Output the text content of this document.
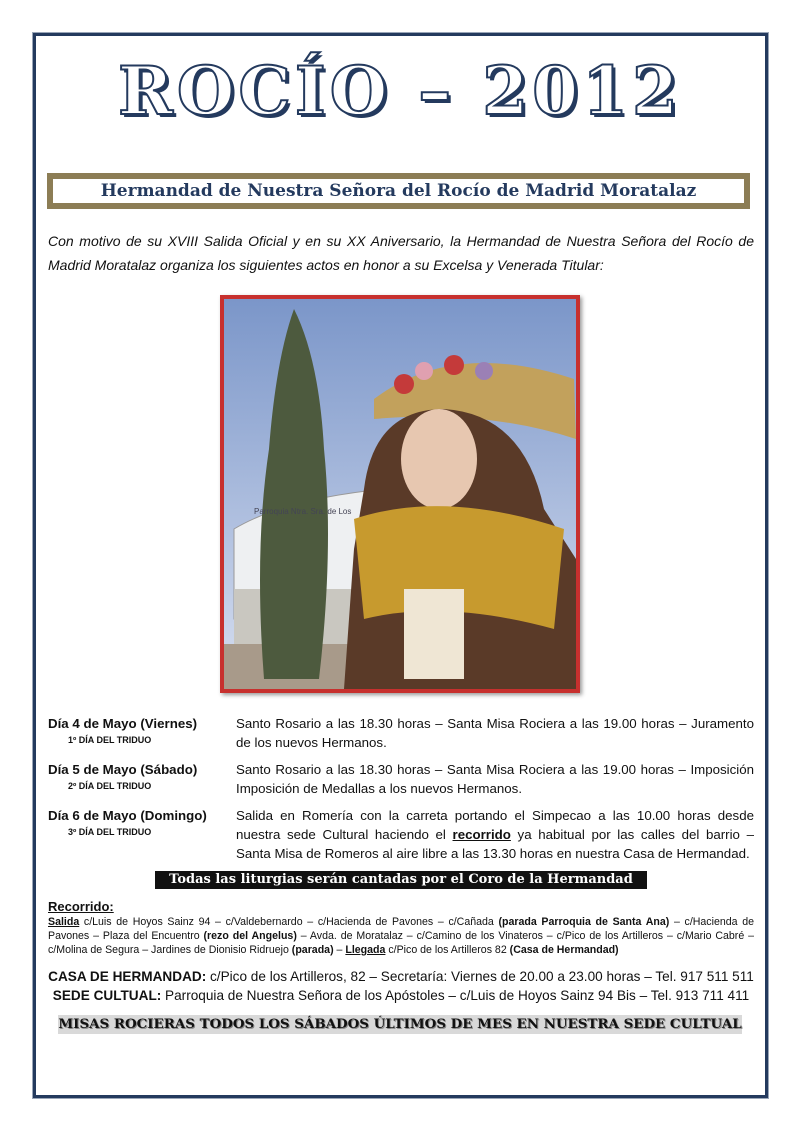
ROCÍO – 2012
Hermandad de Nuestra Señora del Rocío de Madrid Moratalaz
Con motivo de su XVIII Salida Oficial y en su XX Aniversario, la Hermandad de Nuestra Señora del Rocío de Madrid Moratalaz organiza los siguientes actos en honor a su Excelsa y Venerada Titular:
Parroquia Ntra. Sra. de Los
Día 4 de Mayo (Viernes)
1º DÍA DEL TRIDUO
Santo Rosario a las 18.30 horas – Santa Misa Rociera a las 19.00 horas – Juramento de los nuevos Hermanos.
Día 5 de Mayo (Sábado)
2º DÍA DEL TRIDUO
Santo Rosario a las 18.30 horas – Santa Misa Rociera a las 19.00 horas – Imposición Imposición de Medallas a los nuevos Hermanos.
Día 6 de Mayo (Domingo)
3º DÍA DEL TRIDUO
Salida en Romería con la carreta portando el Simpecao a las 10.00 horas desde nuestra sede Cultural haciendo el recorrido ya habitual por las calles del barrio – Santa Misa de Romeros al aire libre a las 13.30 horas en nuestra Casa de Hermandad.
Todas las liturgias serán cantadas por el Coro de la Hermandad
Recorrido:
Salida c/Luis de Hoyos Sainz 94 – c/Valdebernardo – c/Hacienda de Pavones – c/Cañada (parada Parroquia de Santa Ana) – c/Hacienda de Pavones – Plaza del Encuentro (rezo del Angelus) – Avda. de Moratalaz – c/Camino de los Vinateros – c/Pico de los Artilleros – c/Mario Cabré – c/Molina de Segura – Jardines de Dionisio Ridruejo (parada) – Llegada c/Pico de los Artilleros 82 (Casa de Hermandad)
CASA DE HERMANDAD: c/Pico de los Artilleros, 82 – Secretaría: Viernes de 20.00 a 23.00 horas – Tel. 917 511 511
SEDE CULTUAL: Parroquia de Nuestra Señora de los Apóstoles – c/Luis de Hoyos Sainz 94 Bis – Tel. 913 711 411
MISAS ROCIERAS TODOS LOS SÁBADOS ÚLTIMOS DE MES EN NUESTRA SEDE CULTUAL
